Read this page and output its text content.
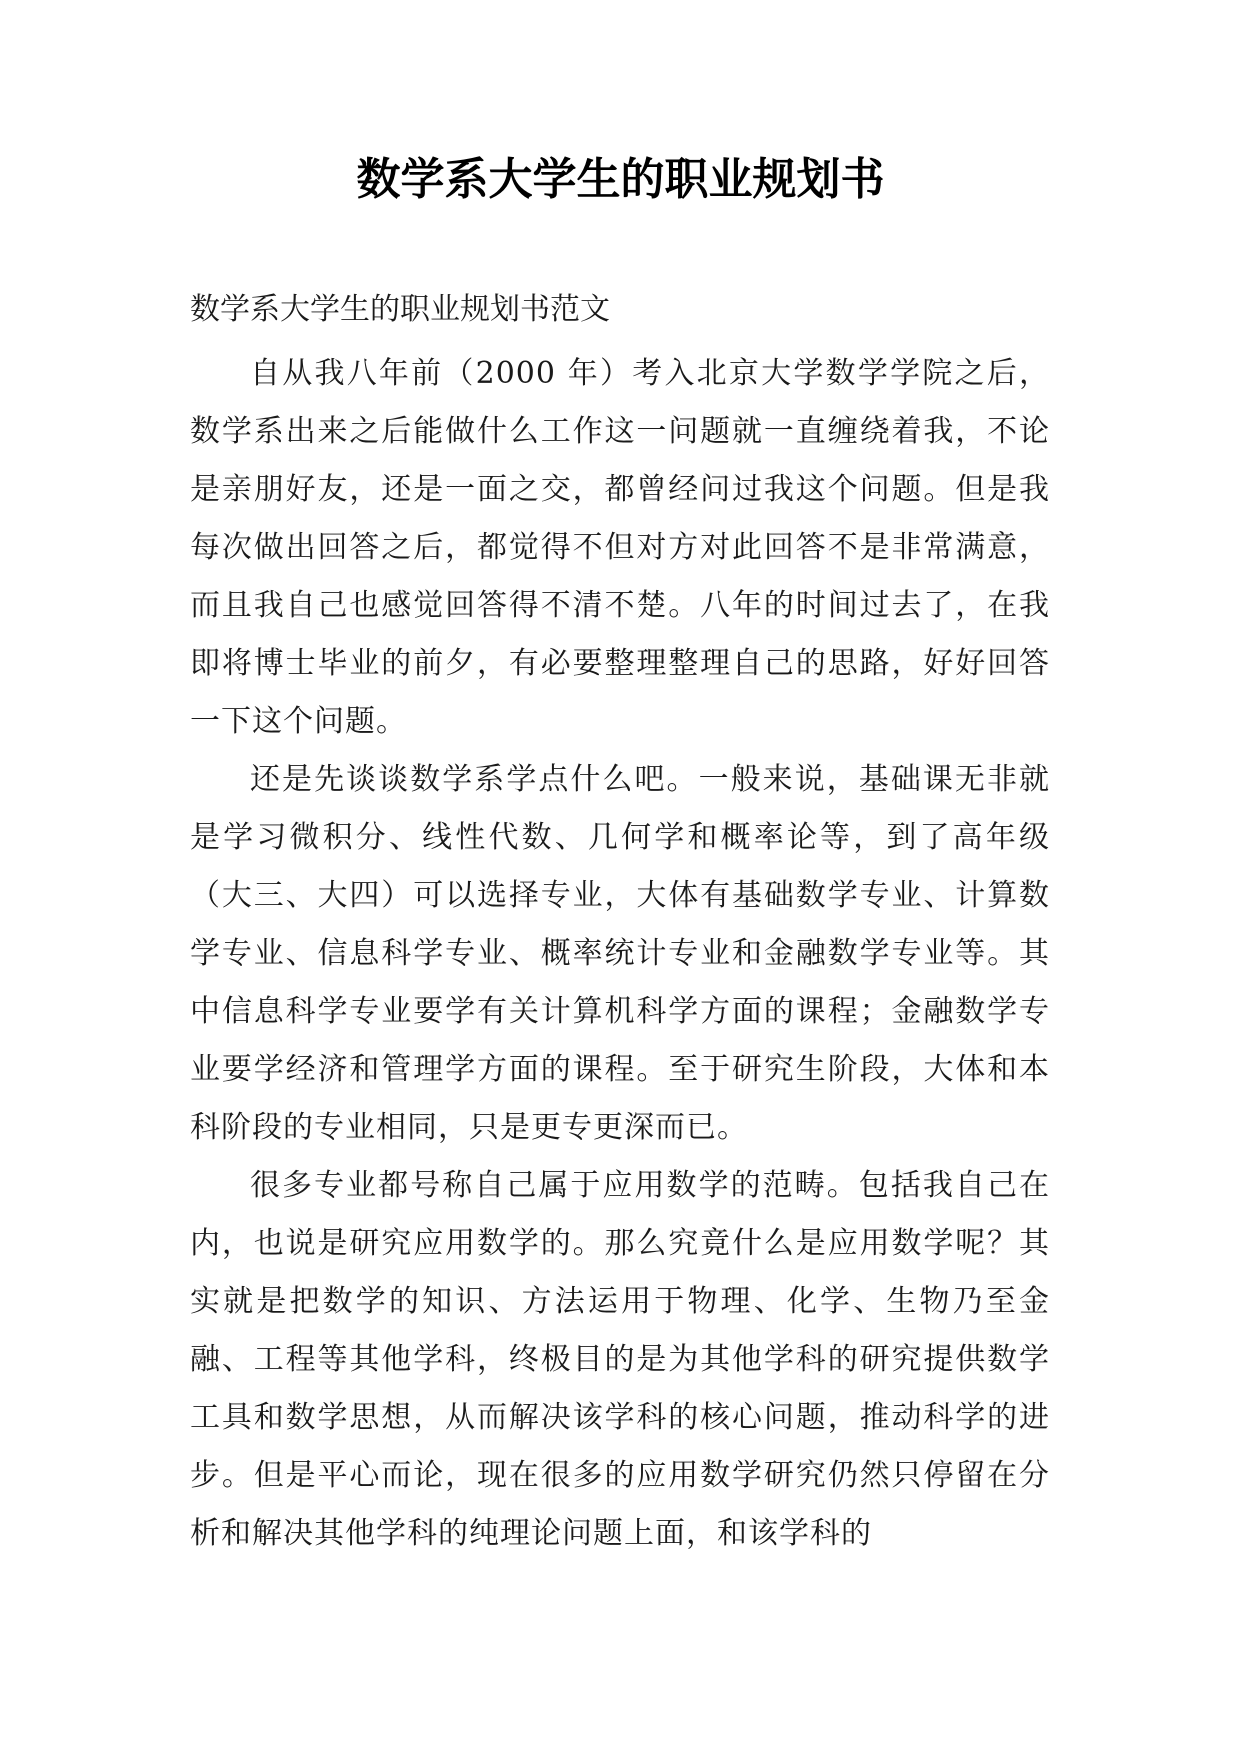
数学系大学生的职业规划书

数学系大学生的职业规划书范文

自从我八年前（2000 年）考入北京大学数学学院之后，数学系出来之后能做什么工作这一问题就一直缠绕着我，不论是亲朋好友，还是一面之交，都曾经问过我这个问题。但是我每次做出回答之后，都觉得不但对方对此回答不是非常满意，而且我自己也感觉回答得不清不楚。八年的时间过去了，在我即将博士毕业的前夕，有必要整理整理自己的思路，好好回答一下这个问题。

还是先谈谈数学系学点什么吧。一般来说，基础课无非就是学习微积分、线性代数、几何学和概率论等，到了高年级（大三、大四）可以选择专业，大体有基础数学专业、计算数学专业、信息科学专业、概率统计专业和金融数学专业等。其中信息科学专业要学有关计算机科学方面的课程；金融数学专业要学经济和管理学方面的课程。至于研究生阶段，大体和本科阶段的专业相同，只是更专更深而已。

很多专业都号称自己属于应用数学的范畴。包括我自己在内，也说是研究应用数学的。那么究竟什么是应用数学呢？其实就是把数学的知识、方法运用于物理、化学、生物乃至金融、工程等其他学科，终极目的是为其他学科的研究提供数学工具和数学思想，从而解决该学科的核心问题，推动科学的进步。但是平心而论，现在很多的应用数学研究仍然只停留在分析和解决其他学科的纯理论问题上面，和该学科的
